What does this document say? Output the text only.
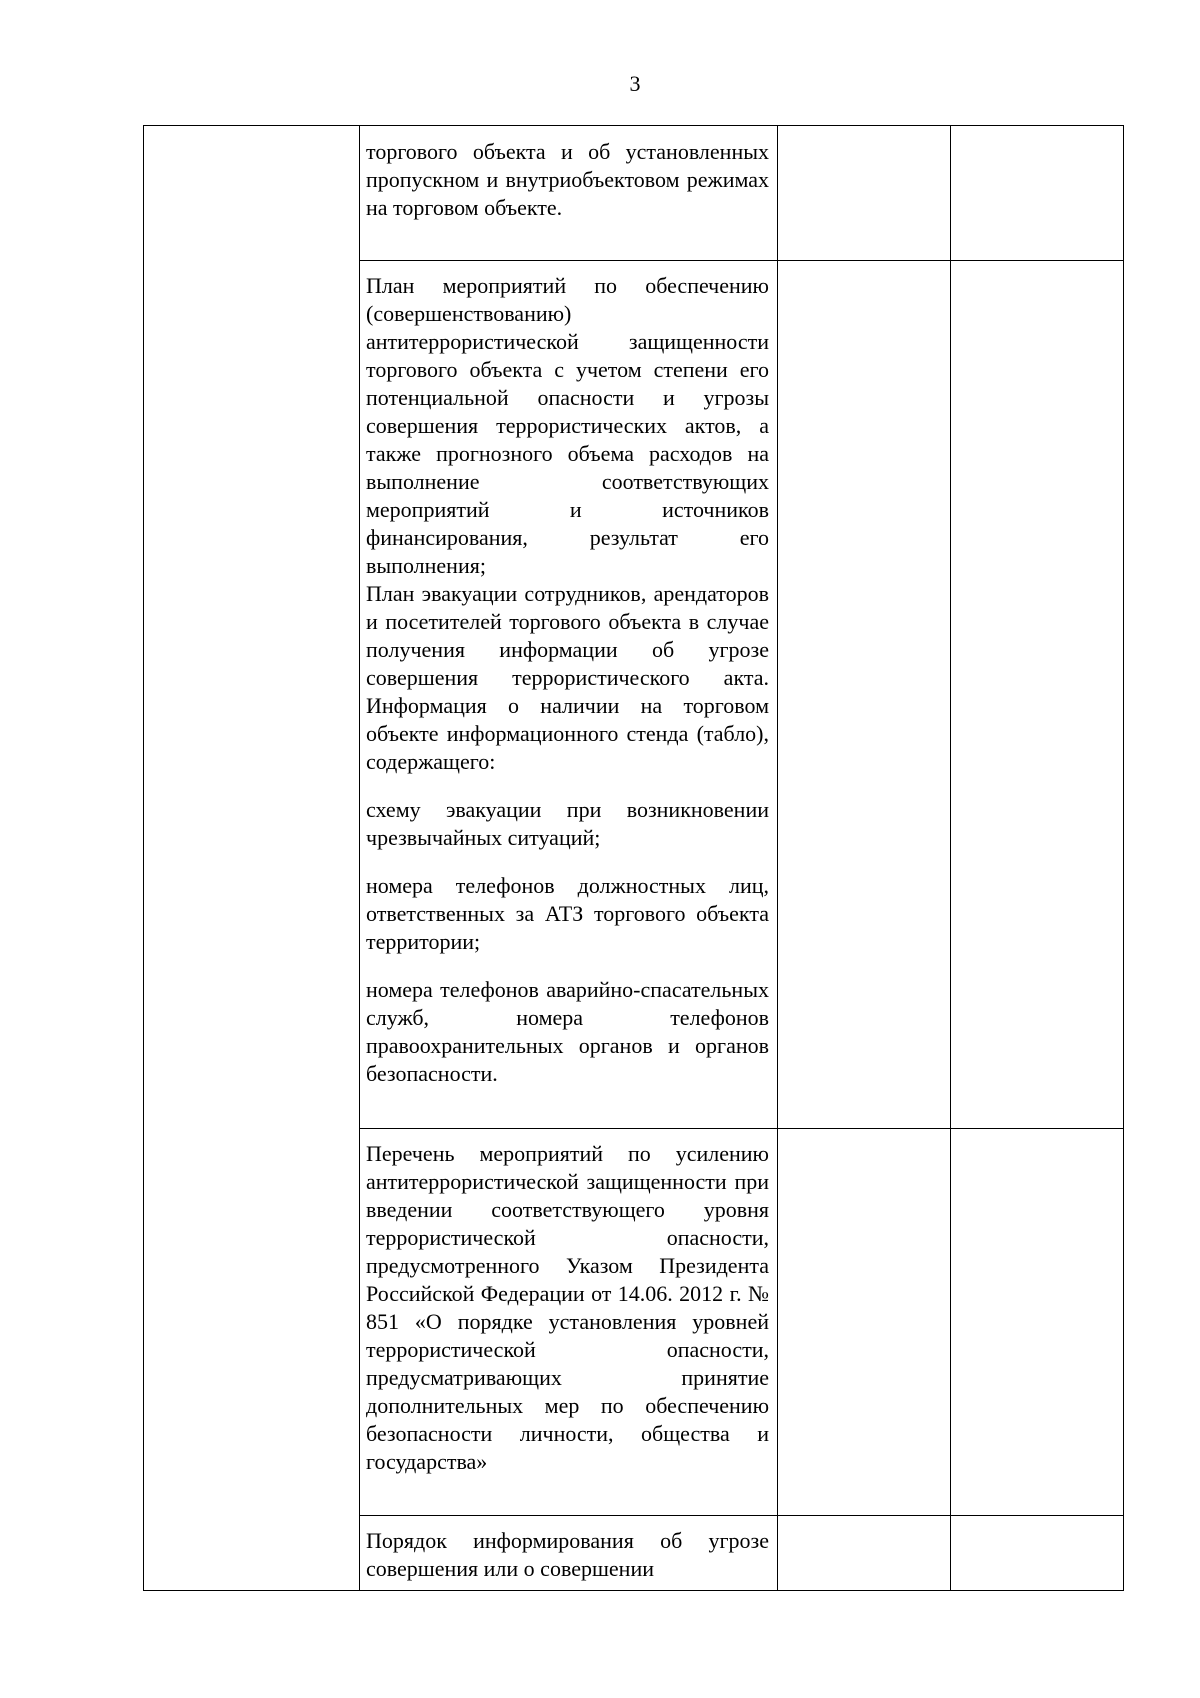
3

торгового объекта и об установленных пропускном и внутриобъектовом режимах на торговом объекте.

План мероприятий по обеспечению (совершенствованию) антитеррористической защищенности торгового объекта с учетом степени его потенциальной опасности и угрозы совершения террористических актов, а также прогнозного объема расходов на выполнение соответствующих мероприятий и источников финансирования, результат его выполнения;

План эвакуации сотрудников, арендаторов и посетителей торгового объекта в случае получения информации об угрозе совершения террористического акта. Информация о наличии на торговом объекте информационного стенда (табло), содержащего:

схему эвакуации при возникновении чрезвычайных ситуаций;

номера телефонов должностных лиц, ответственных за АТЗ торгового объекта территории;

номера телефонов аварийно-спасательных служб, номера телефонов правоохранительных органов и органов безопасности.

Перечень мероприятий по усилению антитеррористической защищенности при введении соответствующего уровня террористической опасности, предусмотренного Указом Президента Российской Федерации от 14.06. 2012 г. № 851 «О порядке установления уровней террористической опасности, предусматривающих принятие дополнительных мер по обеспечению безопасности личности, общества и государства»

Порядок информирования об угрозе совершения или о совершении
